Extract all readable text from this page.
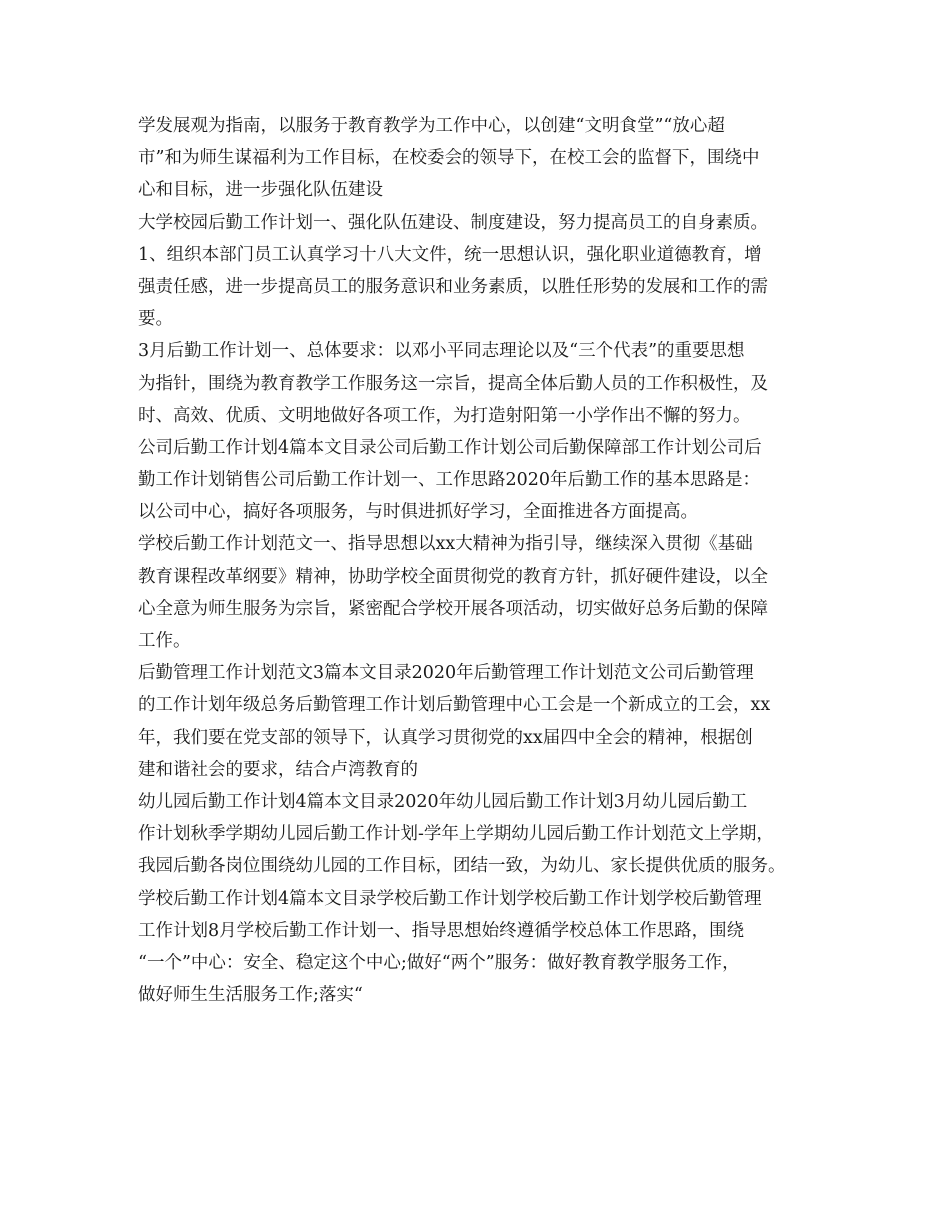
学发展观为指南，以服务于教育教学为工作中心，以创建“文明食堂”“放心超
市”和为师生谋福利为工作目标，在校委会的领导下，在校工会的监督下，围绕中
心和目标，进一步强化队伍建设
大学校园后勤工作计划一、强化队伍建设、制度建设，努力提高员工的自身素质。
1、组织本部门员工认真学习十八大文件，统一思想认识，强化职业道德教育，增
强责任感，进一步提高员工的服务意识和业务素质，以胜任形势的发展和工作的需
要。
3月后勤工作计划一、总体要求：以邓小平同志理论以及“三个代表”的重要思想
为指针，围绕为教育教学工作服务这一宗旨，提高全体后勤人员的工作积极性，及
时、高效、优质、文明地做好各项工作，为打造射阳第一小学作出不懈的努力。
公司后勤工作计划4篇本文目录公司后勤工作计划公司后勤保障部工作计划公司后
勤工作计划销售公司后勤工作计划一、工作思路2020年后勤工作的基本思路是：
以公司中心，搞好各项服务，与时俱进抓好学习，全面推进各方面提高。
学校后勤工作计划范文一、指导思想以xx大精神为指引导，继续深入贯彻《基础
教育课程改革纲要》精神，协助学校全面贯彻党的教育方针，抓好硬件建设，以全
心全意为师生服务为宗旨，紧密配合学校开展各项活动，切实做好总务后勤的保障
工作。
后勤管理工作计划范文3篇本文目录2020年后勤管理工作计划范文公司后勤管理
的工作计划年级总务后勤管理工作计划后勤管理中心工会是一个新成立的工会，xx
年，我们要在党支部的领导下，认真学习贯彻党的xx届四中全会的精神，根据创
建和谐社会的要求，结合卢湾教育的
幼儿园后勤工作计划4篇本文目录2020年幼儿园后勤工作计划3月幼儿园后勤工
作计划秋季学期幼儿园后勤工作计划-学年上学期幼儿园后勤工作计划范文上学期，
我园后勤各岗位围绕幼儿园的工作目标，团结一致，为幼儿、家长提供优质的服务。
学校后勤工作计划4篇本文目录学校后勤工作计划学校后勤工作计划学校后勤管理
工作计划8月学校后勤工作计划一、指导思想始终遵循学校总体工作思路，围绕
“一个”中心：安全、稳定这个中心;做好“两个”服务：做好教育教学服务工作，
做好师生生活服务工作;落实“
